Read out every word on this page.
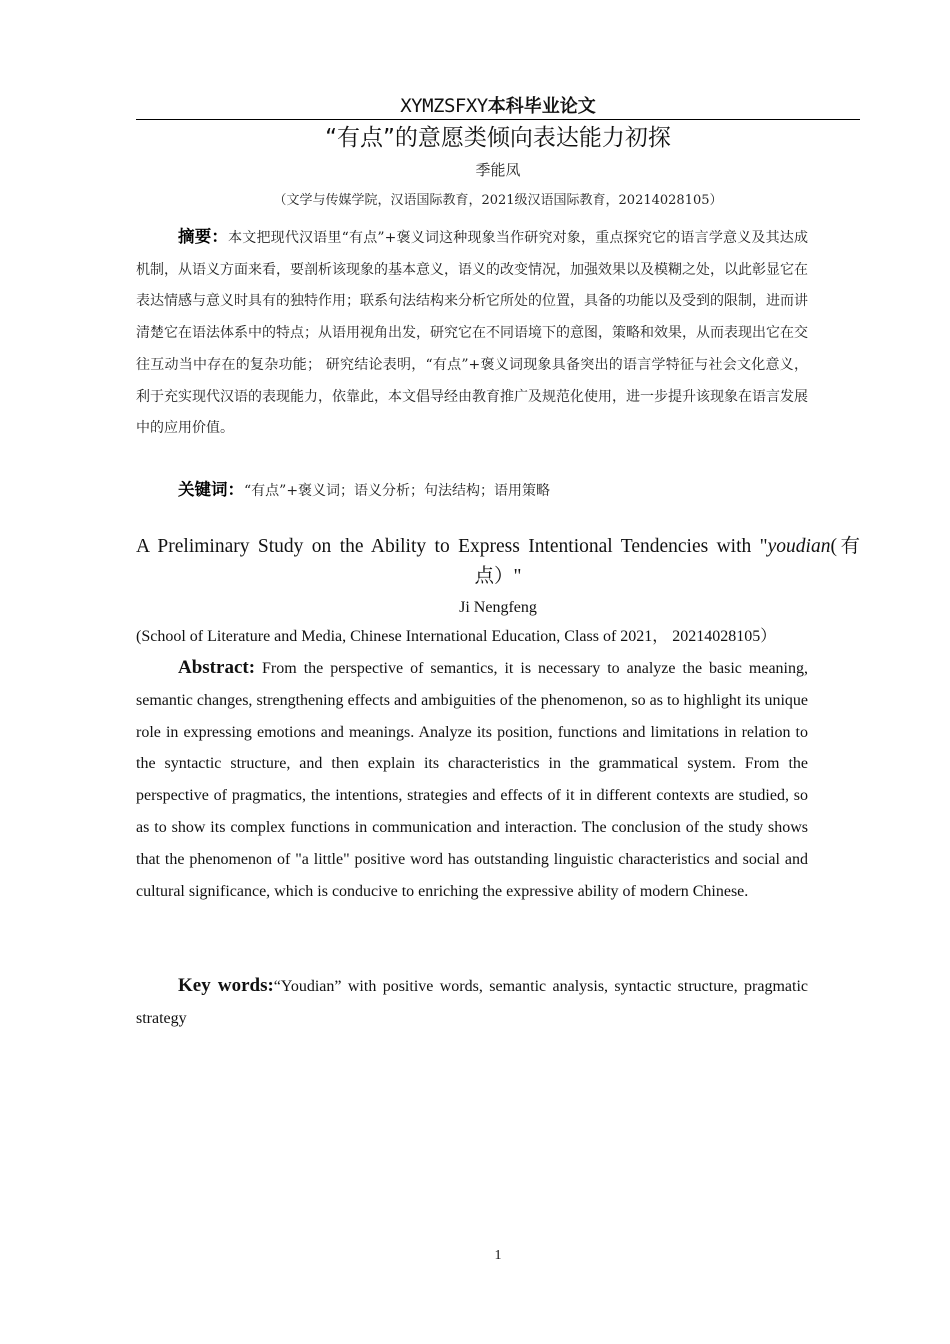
XYMZSFXY本科毕业论文
“有点”的意愿类倾向表达能力初探
季能凤
（文学与传媒学院，汉语国际教育，2021级汉语国际教育，20214028105）
摘要：本文把现代汉语里“有点”+褒义词这种现象当作研究对象，重点探究它的语言学意义及其达成机制，从语义方面来看，要剖析该现象的基本意义，语义的改变情况，加强效果以及模糊之处，以此彰显它在表达情感与意义时具有的独特作用；联系句法结构来分析它所处的位置，具备的功能以及受到的限制，进而讲清楚它在语法体系中的特点；从语用视角出发，研究它在不同语境下的意图，策略和效果，从而表现出它在交往互动当中存在的复杂功能； 研究结论表明，“有点”+褒义词现象具备突出的语言学特征与社会文化意义，利于充实现代汉语的表现能力，依靠此，本文倡导经由教育推广及规范化使用，进一步提升该现象在语言发展中的应用价值。
关键词：“有点”+褒义词；语义分析；句法结构；语用策略
A Preliminary Study on the Ability to Express Intentional Tendencies with "youdian(有点）"
Ji Nengfeng
(School of Literature and Media, Chinese International Education, Class of 2021， 20214028105）
Abstract: From the perspective of semantics, it is necessary to analyze the basic meaning, semantic changes, strengthening effects and ambiguities of the phenomenon, so as to highlight its unique role in expressing emotions and meanings. Analyze its position, functions and limitations in relation to the syntactic structure, and then explain its characteristics in the grammatical system. From the perspective of pragmatics, the intentions, strategies and effects of it in different contexts are studied, so as to show its complex functions in communication and interaction. The conclusion of the study shows that the phenomenon of "a little" positive word has outstanding linguistic characteristics and social and cultural significance, which is conducive to enriching the expressive ability of modern Chinese.
Key words:“Youdian” with positive words, semantic analysis, syntactic structure, pragmatic strategy
1
